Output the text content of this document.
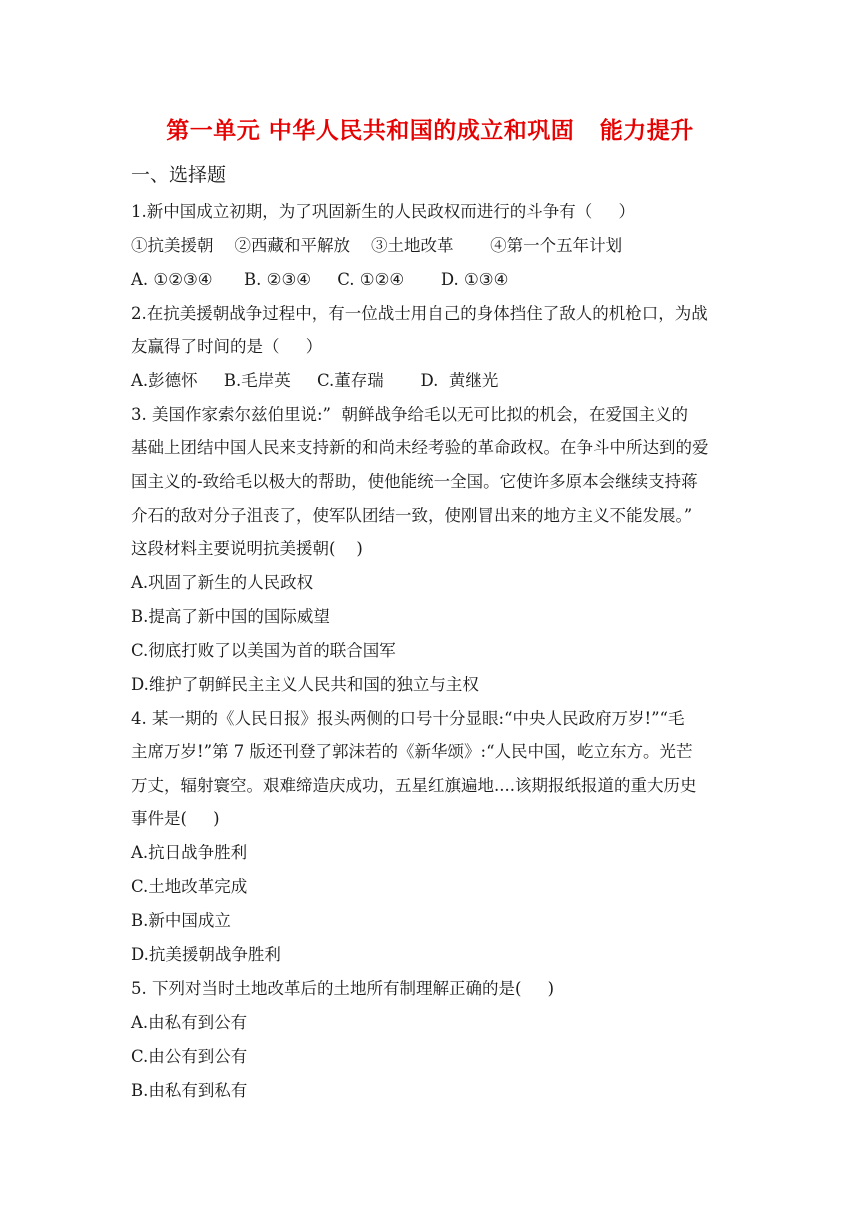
第一单元 中华人民共和国的成立和巩固   能力提升
一、选择题
1.新中国成立初期，为了巩固新生的人民政权而进行的斗争有（     ）
①抗美援朝    ②西藏和平解放    ③土地改革       ④第一个五年计划
A. ①②③④      B. ②③④     C. ①②④       D. ①③④
2.在抗美援朝战争过程中，有一位战士用自己的身体挡住了敌人的机枪口，为战
友赢得了时间的是（     ）
A.彭德怀     B.毛岸英     C.董存瑞       D.  黄继光
3. 美国作家索尔兹伯里说:”  朝鲜战争给毛以无可比拟的机会，在爱国主义的
基础上团结中国人民来支持新的和尚未经考验的革命政权。在争斗中所达到的爱
国主义的-致给毛以极大的帮助，使他能统一全国。它使许多原本会继续支持蒋
介石的敌对分子沮丧了，使军队团结一致，使刚冒出来的地方主义不能发展。”
这段材料主要说明抗美援朝(    )
A.巩固了新生的人民政权
B.提高了新中国的国际威望
C.彻底打败了以美国为首的联合国军
D.维护了朝鲜民主主义人民共和国的独立与主权
4. 某一期的《人民日报》报头两侧的口号十分显眼:“中央人民政府万岁!”“毛
主席万岁!”第 7 版还刊登了郭沫若的《新华颂》:“人民中国，屹立东方。光芒
万丈，辐射寰空。艰难缔造庆成功，五星红旗遍地....该期报纸报道的重大历史
事件是(     )
A.抗日战争胜利
C.土地改革完成
B.新中国成立
D.抗美援朝战争胜利
5. 下列对当时土地改革后的土地所有制理解正确的是(     )
A.由私有到公有
C.由公有到公有
B.由私有到私有
